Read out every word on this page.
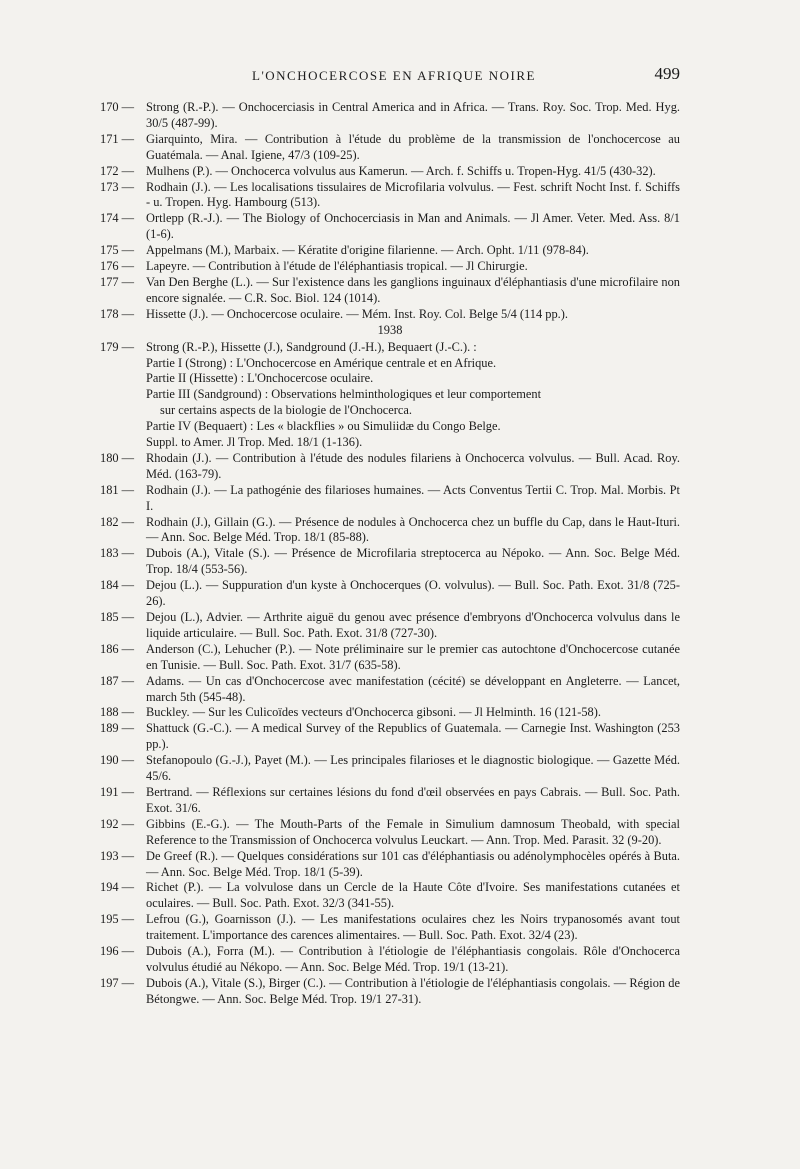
L'ONCHOCERCOSE EN AFRIQUE NOIRE	499
170 — Strong (R.-P.). — Onchocerciasis in Central America and in Africa. — Trans. Roy. Soc. Trop. Med. Hyg. 30/5 (487-99).
171 — Giarquinto, Mira. — Contribution à l'étude du problème de la transmission de l'onchocercose au Guatémala. — Anal. Igiene, 47/3 (109-25).
172 — Mulhens (P.). — Onchocerca volvulus aus Kamerun. — Arch. f. Schiffs u. Tropen-Hyg. 41/5 (430-32).
173 — Rodhain (J.). — Les localisations tissulaires de Microfilaria volvulus. — Fest. schrift Nocht Inst. f. Schiffs - u. Tropen. Hyg. Hambourg (513).
174 — Ortlepp (R.-J.). — The Biology of Onchocerciasis in Man and Animals. — Jl Amer. Veter. Med. Ass. 8/1 (1-6).
175 — Appelmans (M.), Marbaix. — Kératite d'origine filarienne. — Arch. Opht. 1/11 (978-84).
176 — Lapeyre. — Contribution à l'étude de l'éléphantiasis tropical. — Jl Chirurgie.
177 — Van Den Berghe (L.). — Sur l'existence dans les ganglions inguinaux d'éléphantiasis d'une microfilaire non encore signalée. — C.R. Soc. Biol. 124 (1014).
178 — Hissette (J.). — Onchocercose oculaire. — Mém. Inst. Roy. Col. Belge 5/4 (114 pp.).
1938
179 — Strong (R.-P.), Hissette (J.), Sandground (J.-H.), Bequaert (J.-C.). :
Partie I (Strong) : L'Onchocercose en Amérique centrale et en Afrique.
Partie II (Hissette) : L'Onchocercose oculaire.
Partie III (Sandground) : Observations helminthologiques et leur comportement
sur certains aspects de la biologie de l'Onchocerca.
Partie IV (Bequaert) : Les « blackflies » ou Simuliidæ du Congo Belge.
Suppl. to Amer. Jl Trop. Med. 18/1 (1-136).
180 — Rhodain (J.). — Contribution à l'étude des nodules filariens à Onchocerca volvulus. — Bull. Acad. Roy. Méd. (163-79).
181 — Rodhain (J.). — La pathogénie des filarioses humaines. — Acts Conventus Tertii C. Trop. Mal. Morbis. Pt I.
182 — Rodhain (J.), Gillain (G.). — Présence de nodules à Onchocerca chez un buffle du Cap, dans le Haut-Ituri. — Ann. Soc. Belge Méd. Trop. 18/1 (85-88).
183 — Dubois (A.), Vitale (S.). — Présence de Microfilaria streptocerca au Népoko. — Ann. Soc. Belge Méd. Trop. 18/4 (553-56).
184 — Dejou (L.). — Suppuration d'un kyste à Onchocerques (O. volvulus). — Bull. Soc. Path. Exot. 31/8 (725-26).
185 — Dejou (L.), Advier. — Arthrite aiguë du genou avec présence d'embryons d'Onchocerca volvulus dans le liquide articulaire. — Bull. Soc. Path. Exot. 31/8 (727-30).
186 — Anderson (C.), Lehucher (P.). — Note préliminaire sur le premier cas autochtone d'Onchocercose cutanée en Tunisie. — Bull. Soc. Path. Exot. 31/7 (635-58).
187 — Adams. — Un cas d'Onchocercose avec manifestation (cécité) se développant en Angleterre. — Lancet, march 5th (545-48).
188 — Buckley. — Sur les Culicoïdes vecteurs d'Onchocerca gibsoni. — Jl Helminth. 16 (121-58).
189 — Shattuck (G.-C.). — A medical Survey of the Republics of Guatemala. — Carnegie Inst. Washington (253 pp.).
190 — Stefanopoulo (G.-J.), Payet (M.). — Les principales filarioses et le diagnostic biologique. — Gazette Méd. 45/6.
191 — Bertrand. — Réflexions sur certaines lésions du fond d'œil observées en pays Cabrais. — Bull. Soc. Path. Exot. 31/6.
192 — Gibbins (E.-G.). — The Mouth-Parts of the Female in Simulium damnosum Theobald, with special Reference to the Transmission of Onchocerca volvulus Leuckart. — Ann. Trop. Med. Parasit. 32 (9-20).
193 — De Greef (R.). — Quelques considérations sur 101 cas d'éléphantiasis ou adénolymphocèles opérés à Buta. — Ann. Soc. Belge Méd. Trop. 18/1 (5-39).
194 — Richet (P.). — La volvulose dans un Cercle de la Haute Côte d'Ivoire. Ses manifestations cutanées et oculaires. — Bull. Soc. Path. Exot. 32/3 (341-55).
195 — Lefrou (G.), Goarnisson (J.). — Les manifestations oculaires chez les Noirs trypanosomés avant tout traitement. L'importance des carences alimentaires. — Bull. Soc. Path. Exot. 32/4 (23).
196 — Dubois (A.), Forra (M.). — Contribution à l'étiologie de l'éléphantiasis congolais. Rôle d'Onchocerca volvulus étudié au Nékopo. — Ann. Soc. Belge Méd. Trop. 19/1 (13-21).
197 — Dubois (A.), Vitale (S.), Birger (C.). — Contribution à l'étiologie de l'éléphantiasis congolais. — Région de Bétongwe. — Ann. Soc. Belge Méd. Trop. 19/1 27-31).
